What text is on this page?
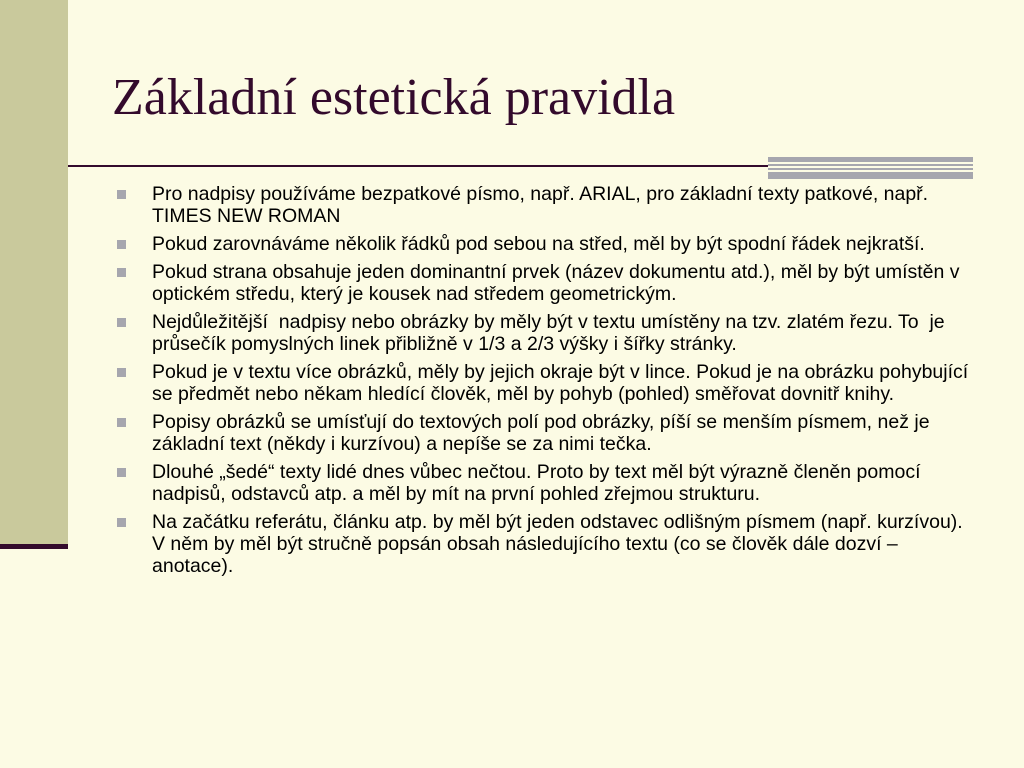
Základní estetická pravidla
Pro nadpisy používáme bezpatkové písmo, např. ARIAL, pro základní texty patkové, např. TIMES NEW ROMAN
Pokud zarovnáváme několik řádků pod sebou na střed, měl by být spodní řádek nejkratší.
Pokud strana obsahuje jeden dominantní prvek (název dokumentu atd.), měl by být umístěn v optickém středu, který je kousek nad středem geometrickým.
Nejdůležitější  nadpisy nebo obrázky by měly být v textu umístěny na tzv. zlatém řezu. To  je průsečík pomyslných linek přibližně v 1/3 a 2/3 výšky i šířky stránky.
Pokud je v textu více obrázků, měly by jejich okraje být v lince. Pokud je na obrázku pohybující se předmět nebo někam hledící člověk, měl by pohyb (pohled) směřovat dovnitř knihy.
Popisy obrázků se umísťují do textových polí pod obrázky, píší se menším písmem, než je základní text (někdy i kurzívou) a nepíše se za nimi tečka.
Dlouhé „šedé“ texty lidé dnes vůbec nečtou. Proto by text měl být výrazně členěn pomocí nadpisů, odstavců atp. a měl by mít na první pohled zřejmou strukturu.
Na začátku referátu, článku atp. by měl být jeden odstavec odlišným písmem (např. kurzívou). V něm by měl být stručně popsán obsah následujícího textu (co se člověk dále dozví – anotace).
